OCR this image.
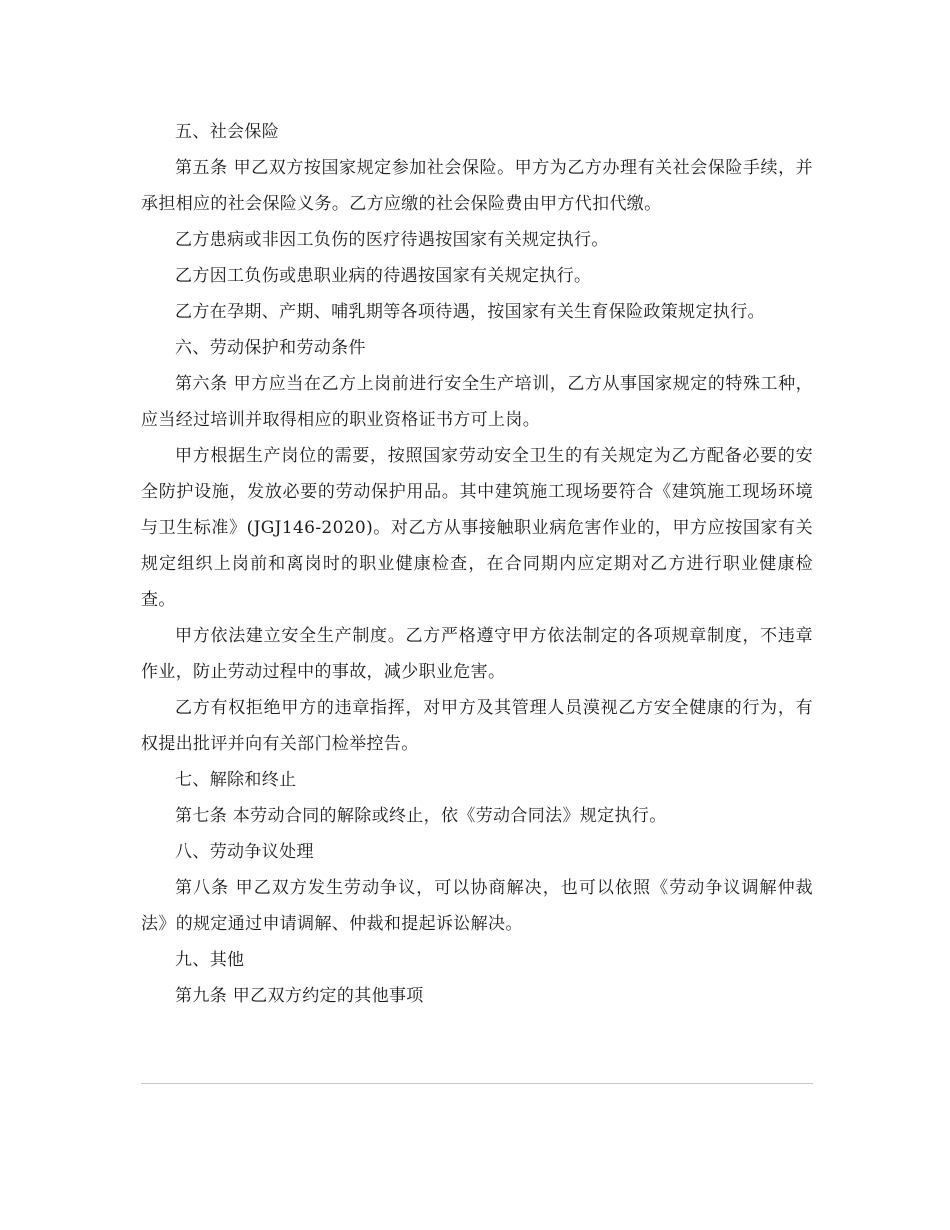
五、社会保险

第五条 甲乙双方按国家规定参加社会保险。甲方为乙方办理有关社会保险手续，并承担相应的社会保险义务。乙方应缴的社会保险费由甲方代扣代缴。

乙方患病或非因工负伤的医疗待遇按国家有关规定执行。

乙方因工负伤或患职业病的待遇按国家有关规定执行。

乙方在孕期、产期、哺乳期等各项待遇，按国家有关生育保险政策规定执行。

六、劳动保护和劳动条件

第六条 甲方应当在乙方上岗前进行安全生产培训，乙方从事国家规定的特殊工种，应当经过培训并取得相应的职业资格证书方可上岗。

甲方根据生产岗位的需要，按照国家劳动安全卫生的有关规定为乙方配备必要的安全防护设施，发放必要的劳动保护用品。其中建筑施工现场要符合《建筑施工现场环境与卫生标准》(JGJ146-2020)。对乙方从事接触职业病危害作业的，甲方应按国家有关规定组织上岗前和离岗时的职业健康检查，在合同期内应定期对乙方进行职业健康检查。

甲方依法建立安全生产制度。乙方严格遵守甲方依法制定的各项规章制度，不违章作业，防止劳动过程中的事故，减少职业危害。

乙方有权拒绝甲方的违章指挥，对甲方及其管理人员漠视乙方安全健康的行为，有权提出批评并向有关部门检举控告。

七、解除和终止

第七条 本劳动合同的解除或终止，依《劳动合同法》规定执行。

八、劳动争议处理

第八条 甲乙双方发生劳动争议，可以协商解决，也可以依照《劳动争议调解仲裁法》的规定通过申请调解、仲裁和提起诉讼解决。

九、其他

第九条 甲乙双方约定的其他事项
